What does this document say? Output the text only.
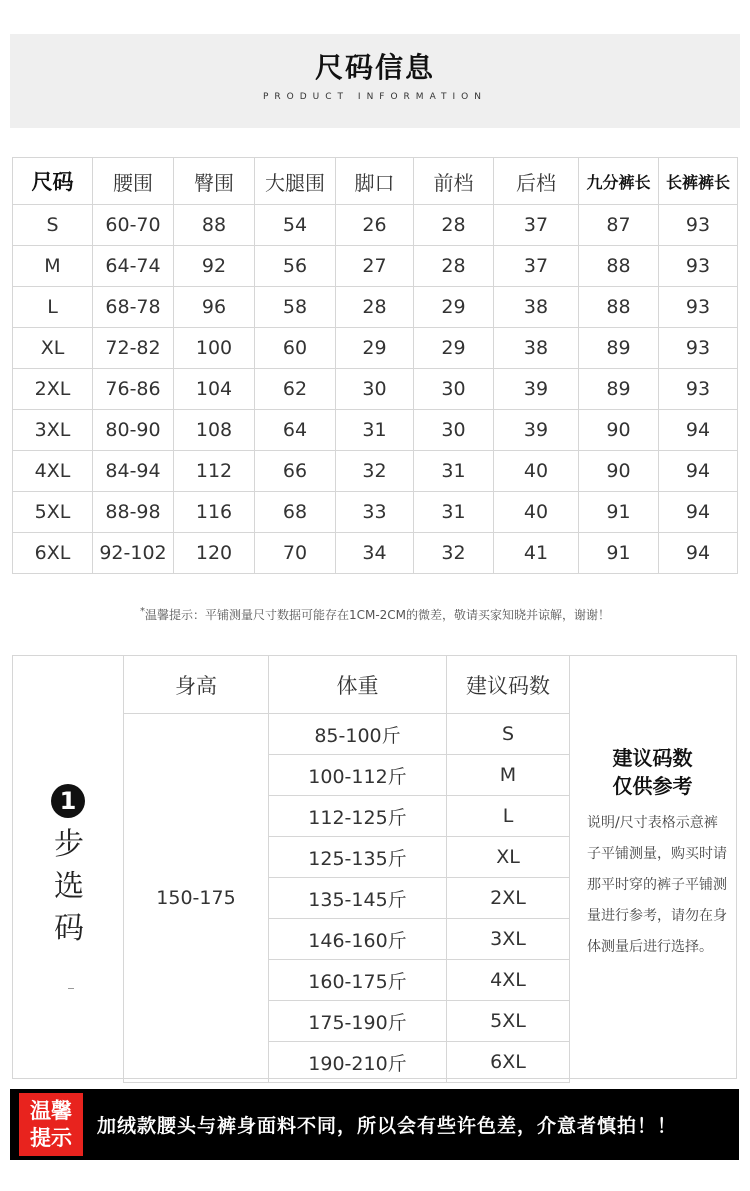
尺码信息
PRODUCT INFORMATION
尺码	腰围	臀围	大腿围	脚口	前档	后档	九分裤长	长裤裤长
S	60-70	88	54	26	28	37	87	93
M	64-74	92	56	27	28	37	88	93
L	68-78	96	58	28	29	38	88	93
XL	72-82	100	60	29	29	38	89	93
2XL	76-86	104	62	30	30	39	89	93
3XL	80-90	108	64	31	30	39	90	94
4XL	84-94	112	66	32	31	40	90	94
5XL	88-98	116	68	33	31	40	91	94
6XL	92-102	120	70	34	32	41	91	94
*温馨提示：平铺测量尺寸数据可能存在1CM-2CM的微差，敬请买家知晓并谅解，谢谢！
1
步选码
身高	体重	建议码数
150-175	85-100斤	S
	100-112斤	M
	112-125斤	L
	125-135斤	XL
	135-145斤	2XL
	146-160斤	3XL
	160-175斤	4XL
	175-190斤	5XL
	190-210斤	6XL
建议码数
仅供参考
说明/尺寸表格示意裤子平铺测量，购买时请那平时穿的裤子平铺测量进行参考，请勿在身体测量后进行选择。
温馨
提示	加绒款腰头与裤身面料不同，所以会有些许色差，介意者慎拍！！
